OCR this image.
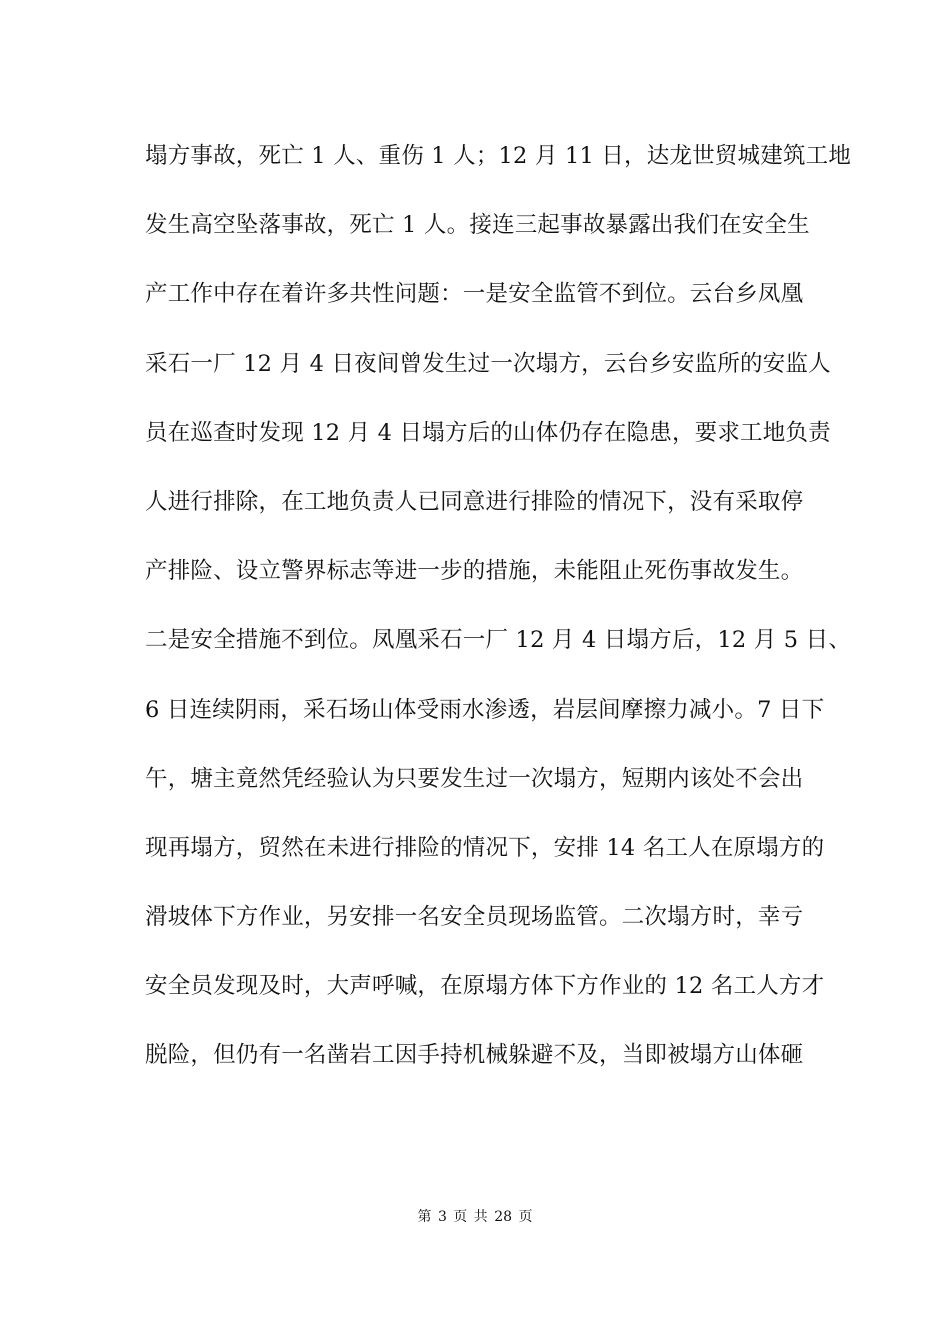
塌方事故，死亡 1 人、重伤 1 人；12 月 11 日，达龙世贸城建筑工地
发生高空坠落事故，死亡 1 人。接连三起事故暴露出我们在安全生
产工作中存在着许多共性问题：一是安全监管不到位。云台乡凤凰
采石一厂 12 月 4 日夜间曾发生过一次塌方，云台乡安监所的安监人
员在巡查时发现 12 月 4 日塌方后的山体仍存在隐患，要求工地负责
人进行排除，在工地负责人已同意进行排险的情况下，没有采取停
产排险、设立警界标志等进一步的措施，未能阻止死伤事故发生。
二是安全措施不到位。凤凰采石一厂 12 月 4 日塌方后，12 月 5 日、
6 日连续阴雨，采石场山体受雨水渗透，岩层间摩擦力减小。7 日下
午，塘主竟然凭经验认为只要发生过一次塌方，短期内该处不会出
现再塌方，贸然在未进行排险的情况下，安排 14 名工人在原塌方的
滑坡体下方作业，另安排一名安全员现场监管。二次塌方时，幸亏
安全员发现及时，大声呼喊，在原塌方体下方作业的 12 名工人方才
脱险，但仍有一名凿岩工因手持机械躲避不及，当即被塌方山体砸
第 3 页 共 28 页
